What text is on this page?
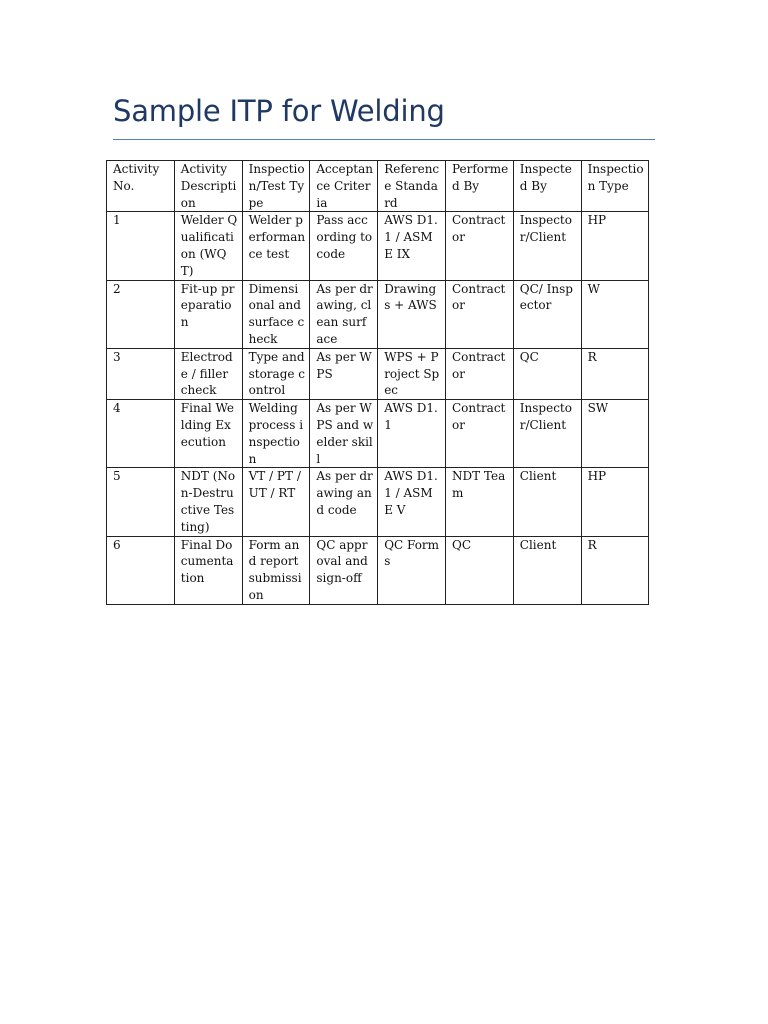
Sample ITP for Welding
Activity No.	Activity Description	Inspection/Test Type	Acceptance Criteria	Reference Standard	Performed By	Inspected By	Inspection Type
1	Welder Qualification (WQT)	Welder performance test	Pass according to code	AWS D1.1 / ASME IX	Contractor	Inspector/Client	HP
2	Fit-up preparation	Dimensional and surface check	As per drawing, clean surface	Drawings + AWS	Contractor	QC/ Inspector	W
3	Electrode / filler check	Type and storage control	As per WPS	WPS + Project Spec	Contractor	QC	R
4	Final Welding Execution	Welding process inspection	As per WPS and welder skill	AWS D1.1	Contractor	Inspector/Client	SW
5	NDT (Non-Destructive Testing)	VT / PT / UT / RT	As per drawing and code	AWS D1.1 / ASME V	NDT Team	Client	HP
6	Final Documentation	Form and report submission	QC approval and sign-off	QC Forms	QC	Client	R
